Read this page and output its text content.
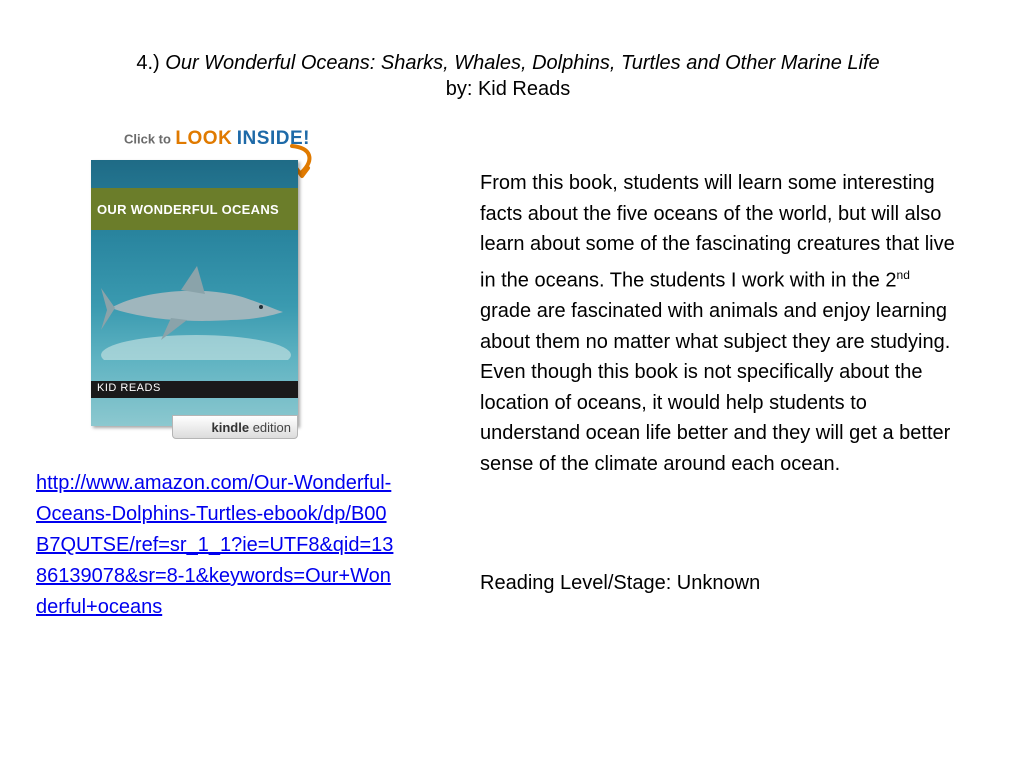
4.) Our Wonderful Oceans: Sharks, Whales, Dolphins, Turtles and Other Marine Life
by: Kid Reads
Click to LOOK INSIDE!
OUR WONDERFUL OCEANS
KID READS
kindle edition
http://www.amazon.com/Our-Wonderful-Oceans-Dolphins-Turtles-ebook/dp/B00B7QUTSE/ref=sr_1_1?ie=UTF8&qid=1386139078&sr=8-1&keywords=Our+Wonderful+oceans

From this book, students will learn some interesting facts about the five oceans of the world, but will also learn about some of the fascinating creatures that live in the oceans. The students I work with in the 2nd grade are fascinated with animals and enjoy learning about them no matter what subject they are studying. Even though this book is not specifically about the location of oceans, it would help students to understand ocean life better and they will get a better sense of the climate around each ocean.

Reading Level/Stage: Unknown
